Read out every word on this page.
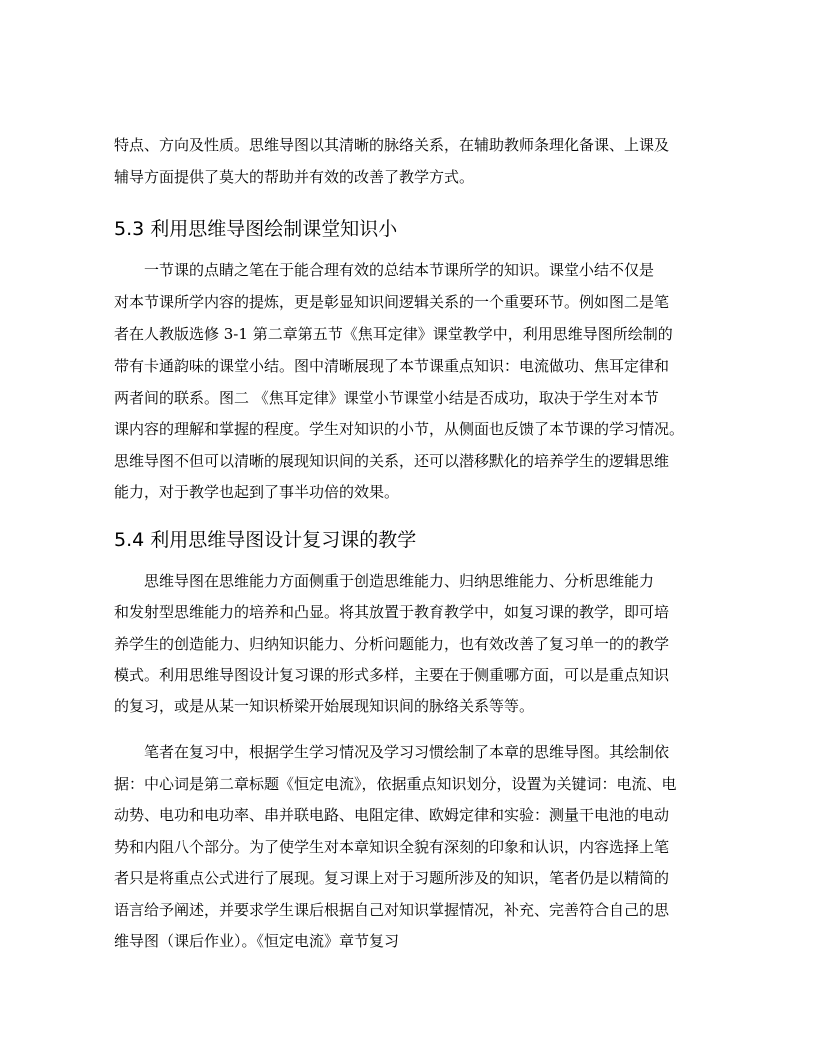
特点、方向及性质。思维导图以其清晰的脉络关系，在辅助教师条理化备课、上课及
辅导方面提供了莫大的帮助并有效的改善了教学方式。
5.3 利用思维导图绘制课堂知识小
一节课的点睛之笔在于能合理有效的总结本节课所学的知识。课堂小结不仅是
对本节课所学内容的提炼，更是彰显知识间逻辑关系的一个重要环节。例如图二是笔
者在人教版选修 3-1 第二章第五节《焦耳定律》课堂教学中，利用思维导图所绘制的
带有卡通韵味的课堂小结。图中清晰展现了本节课重点知识：电流做功、焦耳定律和
两者间的联系。图二 《焦耳定律》课堂小节课堂小结是否成功，取决于学生对本节
课内容的理解和掌握的程度。学生对知识的小节，从侧面也反馈了本节课的学习情况。
思维导图不但可以清晰的展现知识间的关系，还可以潜移默化的培养学生的逻辑思维
能力，对于教学也起到了事半功倍的效果。
5.4 利用思维导图设计复习课的教学
思维导图在思维能力方面侧重于创造思维能力、归纳思维能力、分析思维能力
和发射型思维能力的培养和凸显。将其放置于教育教学中，如复习课的教学，即可培
养学生的创造能力、归纳知识能力、分析问题能力，也有效改善了复习单一的的教学
模式。利用思维导图设计复习课的形式多样，主要在于侧重哪方面，可以是重点知识
的复习，或是从某一知识桥梁开始展现知识间的脉络关系等等。
笔者在复习中，根据学生学习情况及学习习惯绘制了本章的思维导图。其绘制依
据：中心词是第二章标题《恒定电流》，依据重点知识划分，设置为关键词：电流、电
动势、电功和电功率、串并联电路、电阻定律、欧姆定律和实验：测量干电池的电动
势和内阻八个部分。为了使学生对本章知识全貌有深刻的印象和认识，内容选择上笔
者只是将重点公式进行了展现。复习课上对于习题所涉及的知识，笔者仍是以精简的
语言给予阐述，并要求学生课后根据自己对知识掌握情况，补充、完善符合自己的思
维导图（课后作业）。《恒定电流》章节复习
